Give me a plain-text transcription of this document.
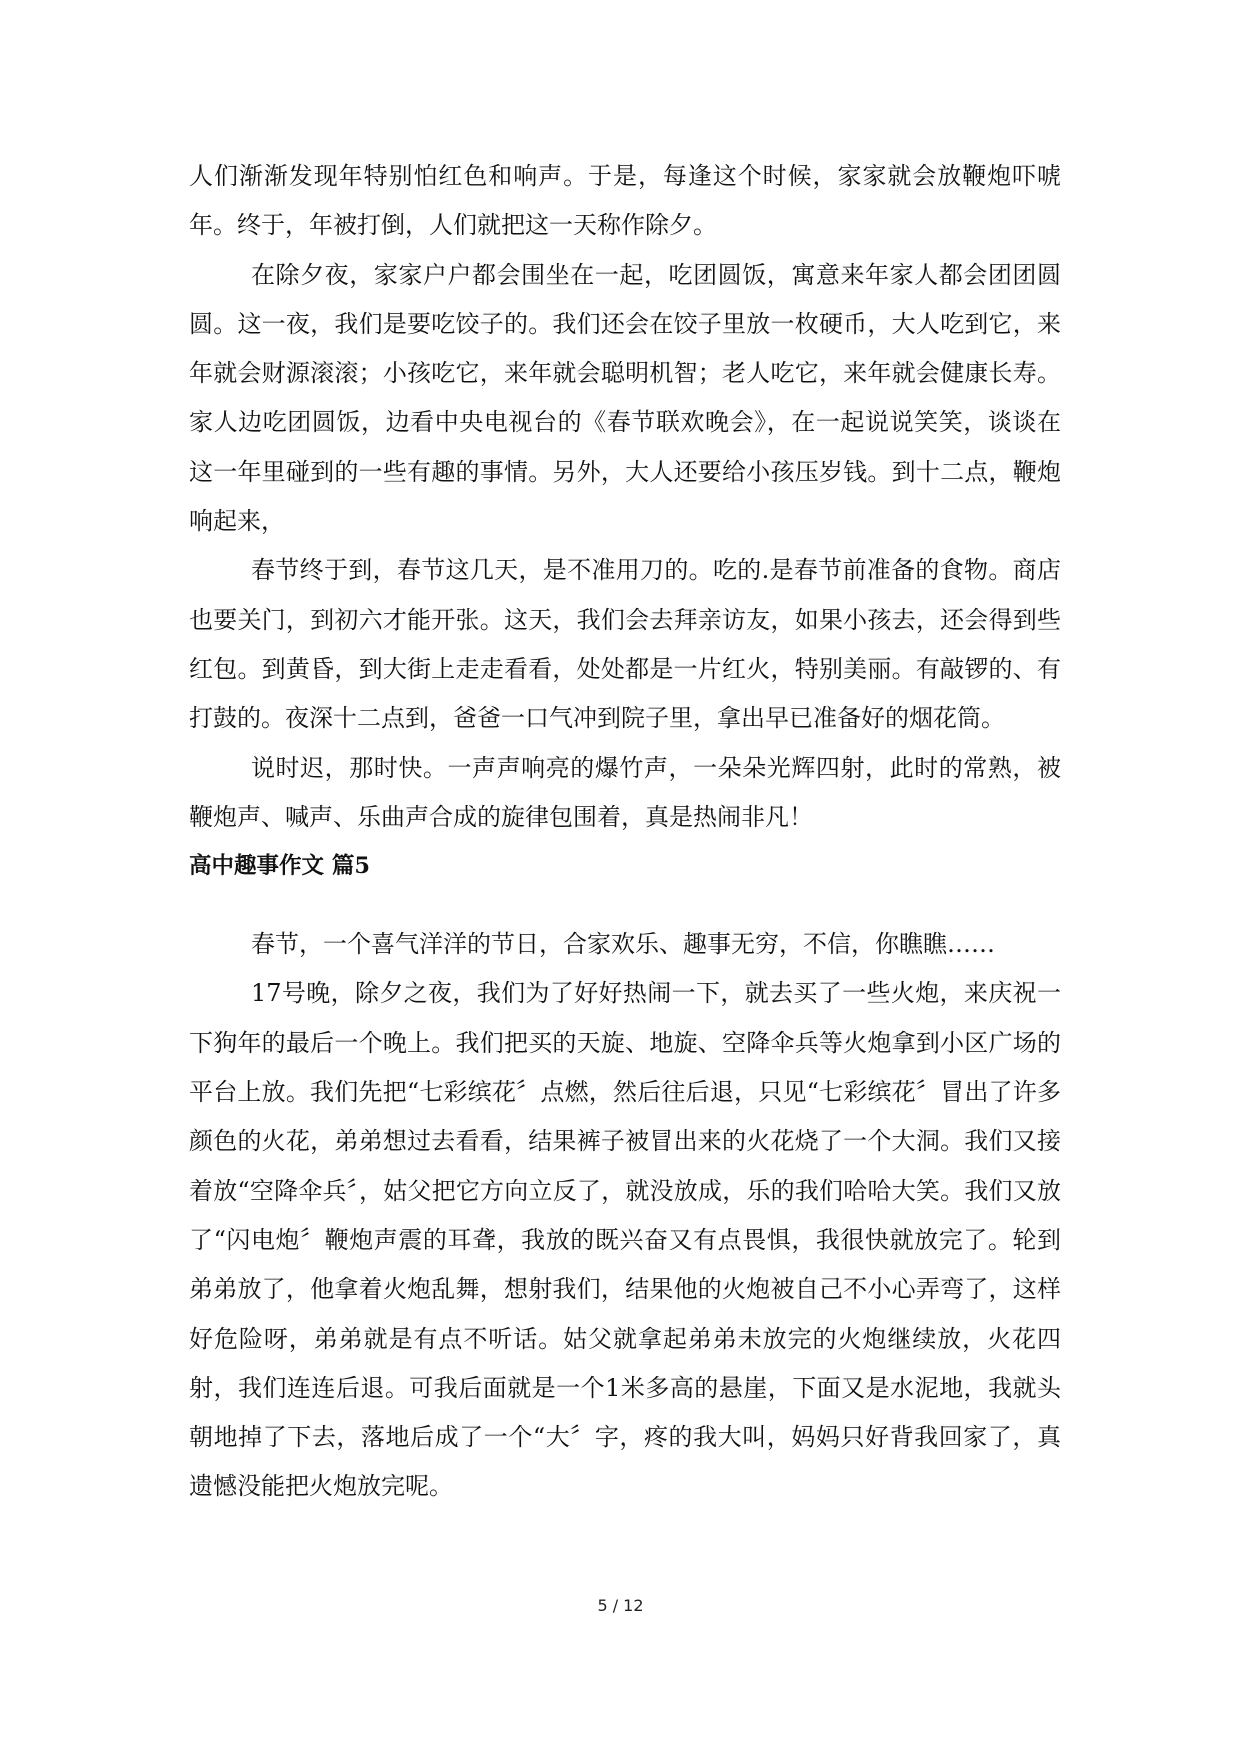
人们渐渐发现年特别怕红色和响声。于是，每逢这个时候，家家就会放鞭炮吓唬年。终于，年被打倒，人们就把这一天称作除夕。

在除夕夜，家家户户都会围坐在一起，吃团圆饭，寓意来年家人都会团团圆圆。这一夜，我们是要吃饺子的。我们还会在饺子里放一枚硬币，大人吃到它，来年就会财源滚滚；小孩吃它，来年就会聪明机智；老人吃它，来年就会健康长寿。家人边吃团圆饭，边看中央电视台的《春节联欢晚会》，在一起说说笑笑，谈谈在这一年里碰到的一些有趣的事情。另外，大人还要给小孩压岁钱。到十二点，鞭炮响起来，

春节终于到，春节这几天，是不准用刀的。吃的.是春节前准备的食物。商店也要关门，到初六才能开张。这天，我们会去拜亲访友，如果小孩去，还会得到些红包。到黄昏，到大街上走走看看，处处都是一片红火，特别美丽。有敲锣的、有打鼓的。夜深十二点到，爸爸一口气冲到院子里，拿出早已准备好的烟花筒。

说时迟，那时快。一声声响亮的爆竹声，一朵朵光辉四射，此时的常熟，被鞭炮声、喊声、乐曲声合成的旋律包围着，真是热闹非凡！

高中趣事作文 篇5

春节，一个喜气洋洋的节日，合家欢乐、趣事无穷，不信，你瞧瞧……

17号晚，除夕之夜，我们为了好好热闹一下，就去买了一些火炮，来庆祝一下狗年的最后一个晚上。我们把买的天旋、地旋、空降伞兵等火炮拿到小区广场的平台上放。我们先把“七彩缤花〞点燃，然后往后退，只见“七彩缤花〞冒出了许多颜色的火花，弟弟想过去看看，结果裤子被冒出来的火花烧了一个大洞。我们又接着放“空降伞兵〞，姑父把它方向立反了，就没放成，乐的我们哈哈大笑。我们又放了“闪电炮〞鞭炮声震的耳聋，我放的既兴奋又有点畏惧，我很快就放完了。轮到弟弟放了，他拿着火炮乱舞，想射我们，结果他的火炮被自己不小心弄弯了，这样好危险呀，弟弟就是有点不听话。姑父就拿起弟弟未放完的火炮继续放，火花四射，我们连连后退。可我后面就是一个1米多高的悬崖，下面又是水泥地，我就头朝地掉了下去，落地后成了一个“大〞字，疼的我大叫，妈妈只好背我回家了，真遗憾没能把火炮放完呢。

5 / 12
